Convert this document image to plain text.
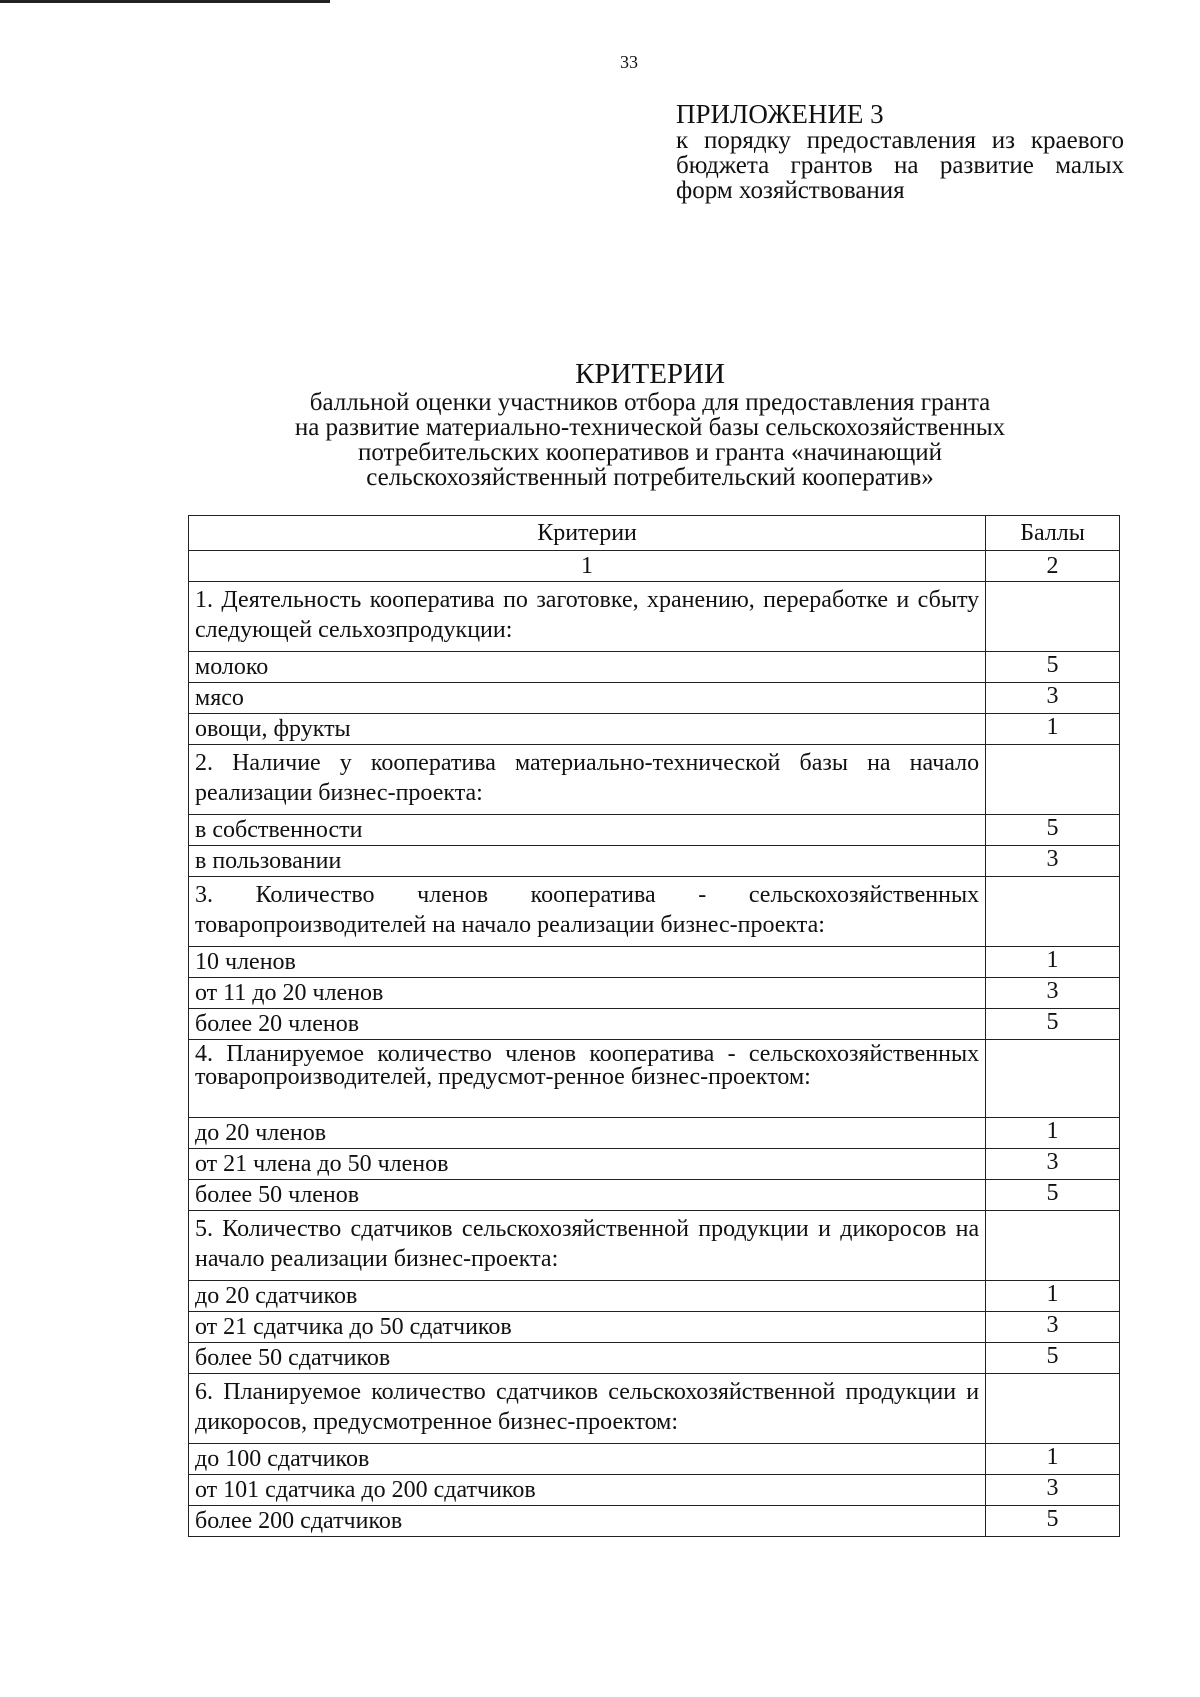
33
ПРИЛОЖЕНИЕ 3
к порядку предоставления из краевого бюджета грантов на развитие малых форм хозяйствования
КРИТЕРИИ
балльной оценки участников отбора для предоставления гранта
на развитие материально-технической базы сельскохозяйственных
потребительских кооперативов и гранта «начинающий
сельскохозяйственный потребительский кооператив»
Критерии	Баллы
1	2
1. Деятельность кооператива по заготовке, хранению, переработке и сбыту следующей сельхозпродукции:	
молоко	5
мясо	3
овощи, фрукты	1
2. Наличие у кооператива материально-технической базы на начало реализации бизнес-проекта:	
в собственности	5
в пользовании	3
3. Количество членов кооператива - сельскохозяйственных товаропроизводителей на начало реализации бизнес-проекта:	
10 членов	1
от 11 до 20 членов	3
более 20 членов	5
4. Планируемое количество членов кооператива - сельскохозяйственных товаропроизводителей, предусмот-ренное бизнес-проектом:	
до 20 членов	1
от 21 члена до 50 членов	3
более 50 членов	5
5. Количество сдатчиков сельскохозяйственной продукции и дикоросов на начало реализации бизнес-проекта:	
до 20 сдатчиков	1
от 21 сдатчика до 50 сдатчиков	3
более 50 сдатчиков	5
6. Планируемое количество сдатчиков сельскохозяйственной продукции и дикоросов, предусмотренное бизнес-проектом:	
до 100 сдатчиков	1
от 101 сдатчика до 200 сдатчиков	3
более 200 сдатчиков	5
